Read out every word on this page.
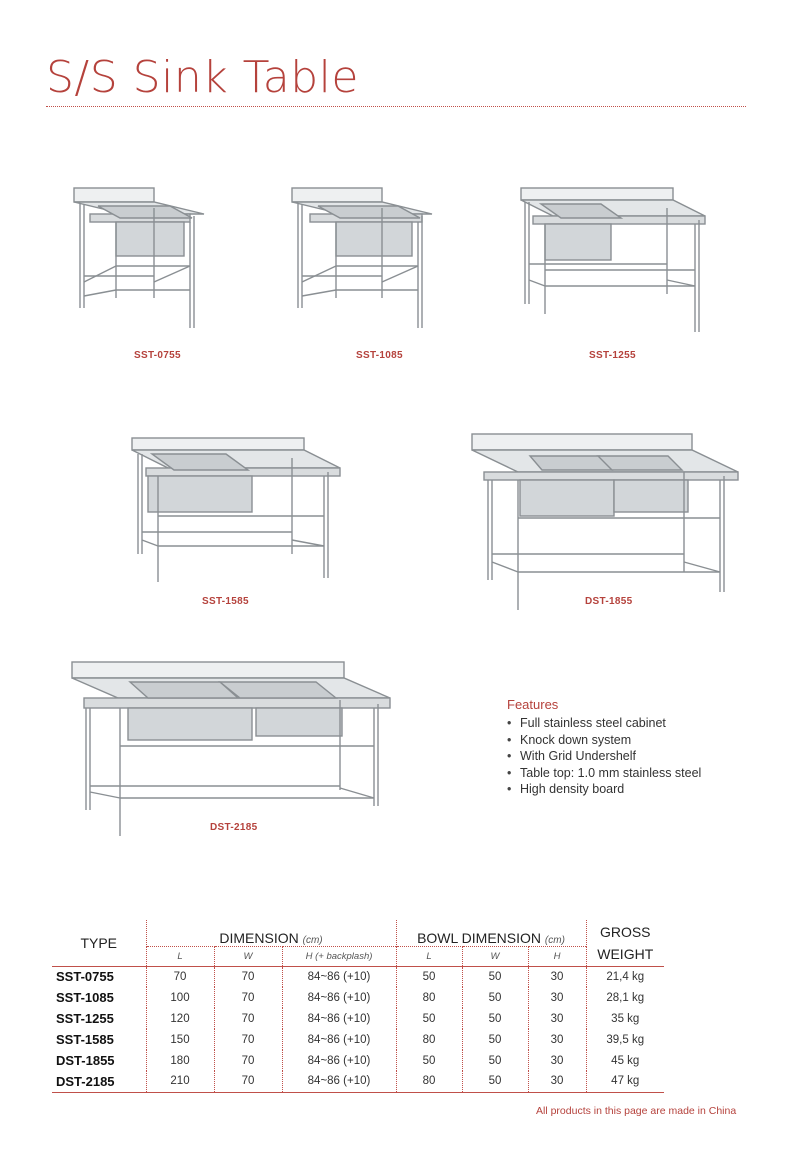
S/S Sink Table
SST-0755	SST-1085	SST-1255
SST-1585	DST-1855
DST-2185
Features
• Full stainless steel cabinet
• Knock down system
• With Grid Undershelf
• Table top: 1.0 mm stainless steel
• High density board
TYPE	DIMENSION (cm)			BOWL DIMENSION (cm)			GROSS
WEIGHT
	L	W	H (+ backplash)	L	W	H	
SST-0755	70	70	84~86 (+10)	50	50	30	21,4 kg
SST-1085	100	70	84~86 (+10)	80	50	30	28,1 kg
SST-1255	120	70	84~86 (+10)	50	50	30	35 kg
SST-1585	150	70	84~86 (+10)	80	50	30	39,5 kg
DST-1855	180	70	84~86 (+10)	50	50	30	45 kg
DST-2185	210	70	84~86 (+10)	80	50	30	47 kg
All products in this page are made in China
